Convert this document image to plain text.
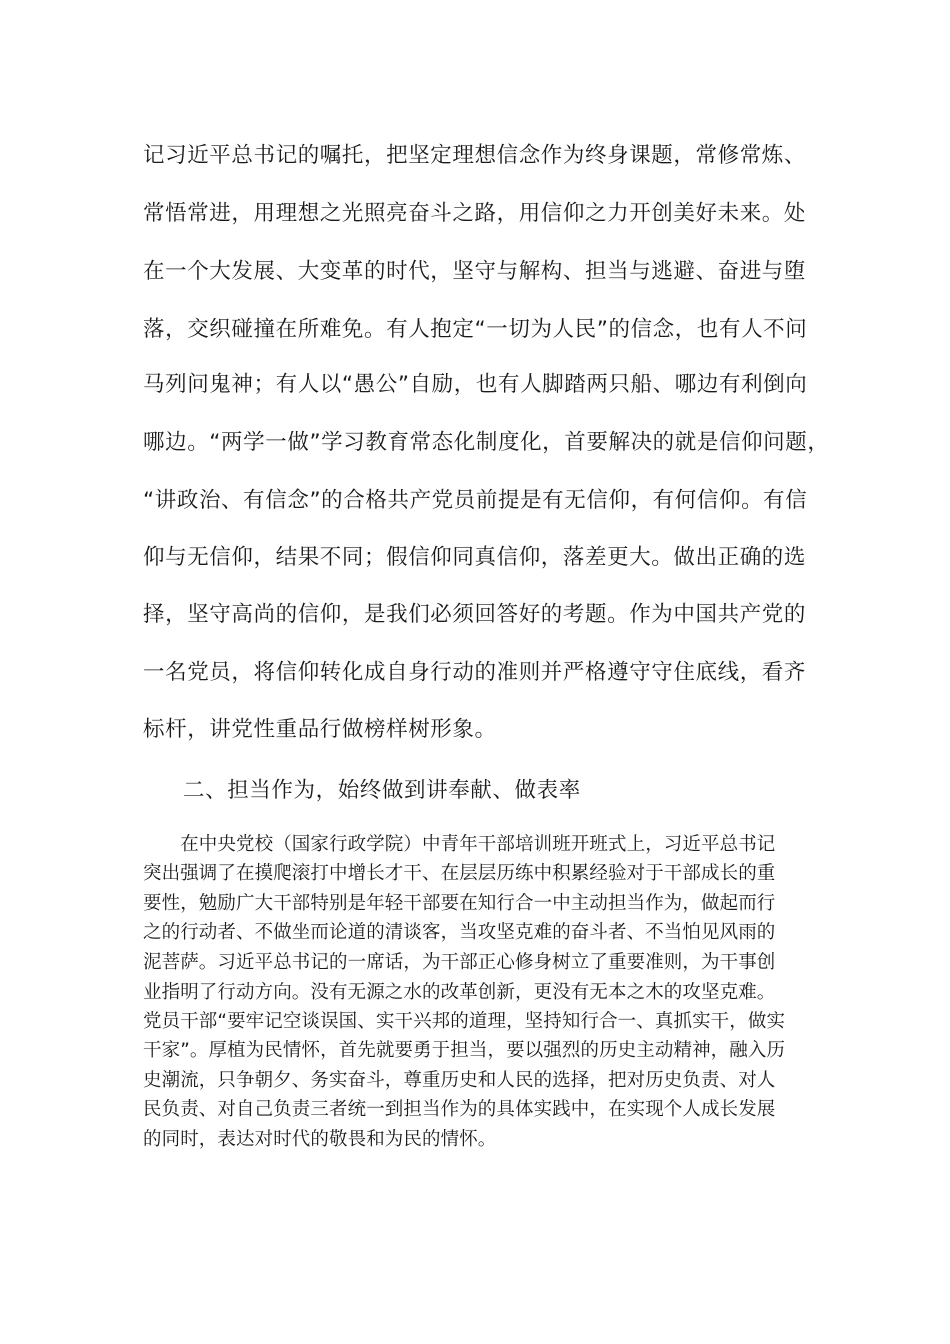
记习近平总书记的嘱托，把坚定理想信念作为终身课题，常修常炼、
常悟常进，用理想之光照亮奋斗之路，用信仰之力开创美好未来。处
在一个大发展、大变革的时代，坚守与解构、担当与逃避、奋进与堕
落，交织碰撞在所难免。有人抱定“一切为人民”的信念，也有人不问
马列问鬼神；有人以“愚公”自励，也有人脚踏两只船、哪边有利倒向
哪边。“两学一做”学习教育常态化制度化，首要解决的就是信仰问题，
“讲政治、有信念”的合格共产党员前提是有无信仰，有何信仰。有信
仰与无信仰，结果不同；假信仰同真信仰，落差更大。做出正确的选
择，坚守高尚的信仰，是我们必须回答好的考题。作为中国共产党的
一名党员，将信仰转化成自身行动的准则并严格遵守守住底线，看齐
标杆，讲党性重品行做榜样树形象。
二、担当作为，始终做到讲奉献、做表率
　　在中央党校（国家行政学院）中青年干部培训班开班式上，习近平总书记
突出强调了在摸爬滚打中增长才干、在层层历练中积累经验对于干部成长的重
要性，勉励广大干部特别是年轻干部要在知行合一中主动担当作为，做起而行
之的行动者、不做坐而论道的清谈客，当攻坚克难的奋斗者、不当怕见风雨的
泥菩萨。习近平总书记的一席话，为干部正心修身树立了重要准则，为干事创
业指明了行动方向。没有无源之水的改革创新，更没有无本之木的攻坚克难。
党员干部“要牢记空谈误国、实干兴邦的道理，坚持知行合一、真抓实干，做实
干家”。厚植为民情怀，首先就要勇于担当，要以强烈的历史主动精神，融入历
史潮流，只争朝夕、务实奋斗，尊重历史和人民的选择，把对历史负责、对人
民负责、对自己负责三者统一到担当作为的具体实践中，在实现个人成长发展
的同时，表达对时代的敬畏和为民的情怀。
